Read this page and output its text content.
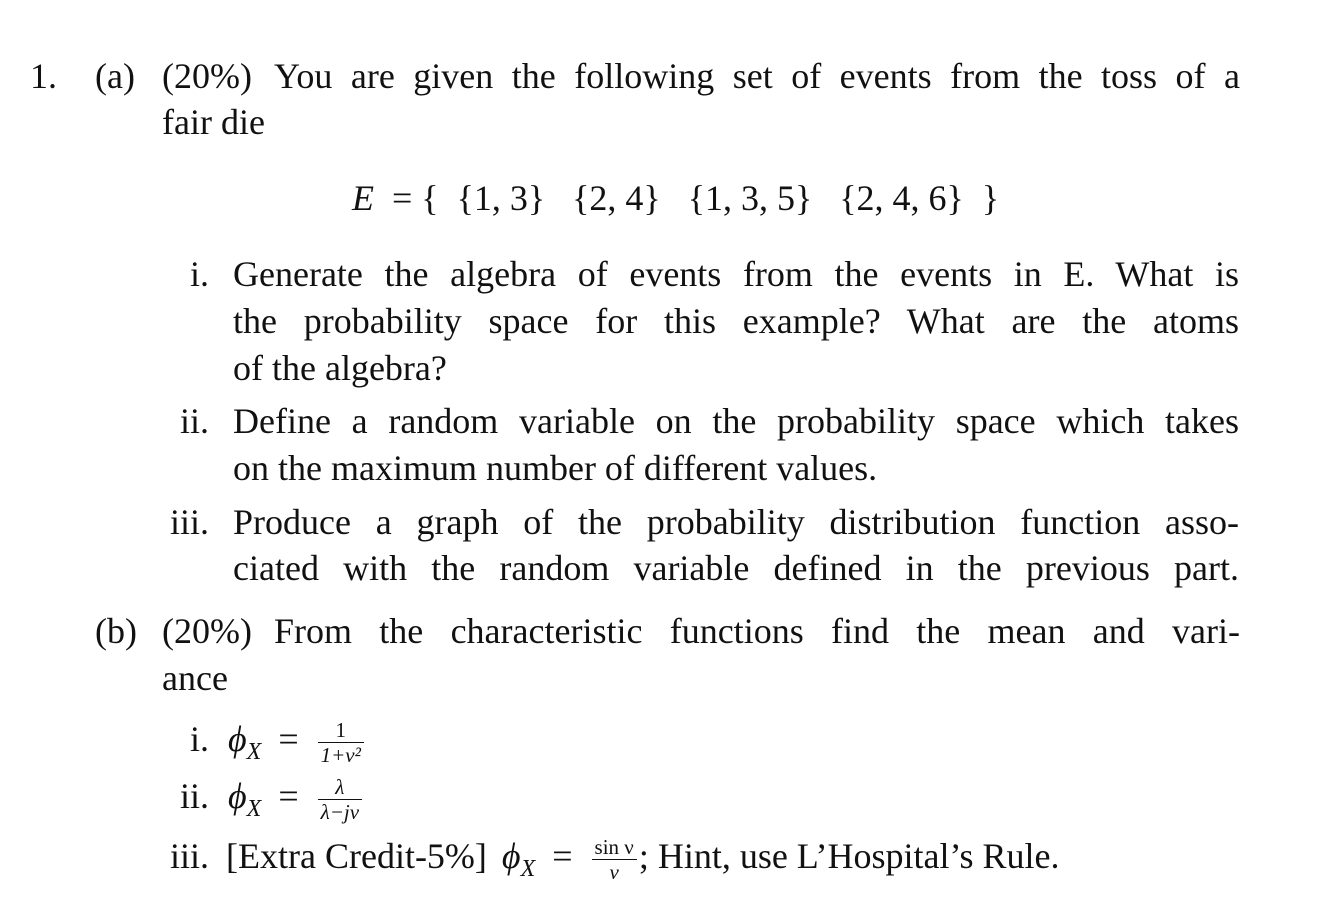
1. (a) (20%) You are given the following set of events from the toss of a
fair die
E  = {  {1, 3}   {2, 4}   {1, 3, 5}   {2, 4, 6}  }
i. Generate the algebra of events from the events in E. What is
the probability space for this example? What are the atoms
of the algebra?
ii. Define a random variable on the probability space which takes
on the maximum number of different values.
iii. Produce a graph of the probability distribution function asso-
ciated with the random variable defined in the previous part.
(b) (20%) From the characteristic functions find the mean and vari-
ance
i. $\phi_X = \frac{1}{\text{1+ν²}}$
ii. $\phi_X = \frac{\lambda}{\lambda-j\nu}$
iii. [Extra Credit-5%] $\phi_X = \frac{\text{sin ν}}{\nu}$ ; Hint, use L’Hospital’s Rule.
